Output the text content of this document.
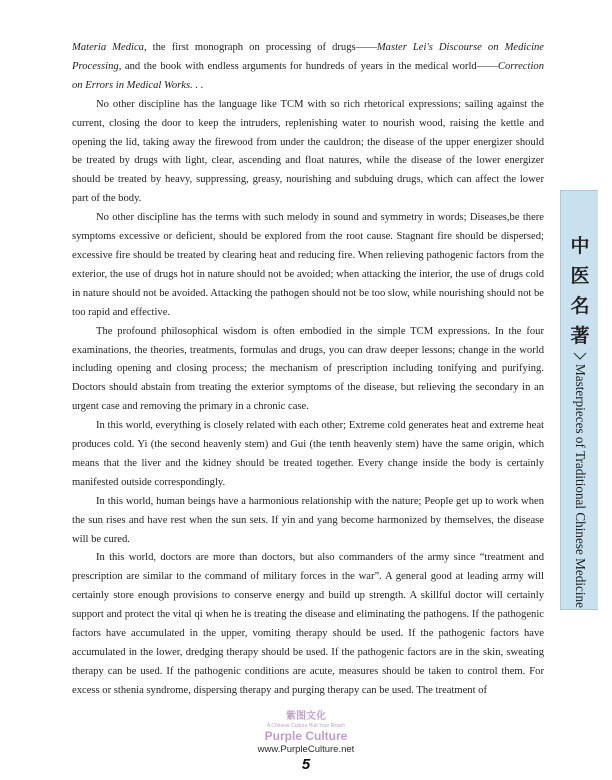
Materia Medica, the first monograph on processing of drugs——Master Lei's Discourse on Medicine Processing, and the book with endless arguments for hundreds of years in the medical world——Correction on Errors in Medical Works. . .

No other discipline has the language like TCM with so rich rhetorical expressions; sailing against the current, closing the door to keep the intruders, replenishing water to nourish wood, raising the kettle and opening the lid, taking away the firewood from under the cauldron; the disease of the upper energizer should be treated by drugs with light, clear, ascending and float natures, while the disease of the lower energizer should be treated by heavy, suppressing, greasy, nourishing and subduing drugs, which can affect the lower part of the body.

No other discipline has the terms with such melody in sound and symmetry in words; Diseases,be there symptoms excessive or deficient, should be explored from the root cause. Stagnant fire should be dispersed; excessive fire should be treated by clearing heat and reducing fire. When relieving pathogenic factors from the exterior, the use of drugs hot in nature should not be avoided; when attacking the interior, the use of drugs cold in nature should not be avoided. Attacking the pathogen should not be too slow, while nourishing should not be too rapid and effective.

The profound philosophical wisdom is often embodied in the simple TCM expressions. In the four examinations, the theories, treatments, formulas and drugs, you can draw deeper lessons; change in the world including opening and closing process; the mechanism of prescription including tonifying and purifying. Doctors should abstain from treating the exterior symptoms of the disease, but relieving the secondary in an urgent case and removing the primary in a chronic case.

In this world, everything is closely related with each other; Extreme cold generates heat and extreme heat produces cold. Yi (the second heavenly stem) and Gui (the tenth heavenly stem) have the same origin, which means that the liver and the kidney should be treated together. Every change inside the body is certainly manifested outside correspondingly.

In this world, human beings have a harmonious relationship with the nature; People get up to work when the sun rises and have rest when the sun sets. If yin and yang become harmonized by themselves, the disease will be cured.

In this world, doctors are more than doctors, but also commanders of the army since “treatment and prescription are similar to the command of military forces in the war”. A general good at leading army will certainly store enough provisions to conserve energy and build up strength. A skillful doctor will certainly support and protect the vital qi when he is treating the disease and eliminating the pathogens. If the pathogenic factors have accumulated in the upper, vomiting therapy should be used. If the pathogenic factors have accumulated in the lower, dredging therapy should be used. If the pathogenic factors are in the skin, sweating therapy can be used. If the pathogenic conditions are acute, measures should be taken to control them. For excess or sthenia syndrome, dispersing therapy and purging therapy can be used. The treatment of

中医名著
Masterpieces of Traditional Chinese Medicine
紫图文化
A Chinese Culture Hub Your Reach
Purple Culture
www.PurpleCulture.net
5
